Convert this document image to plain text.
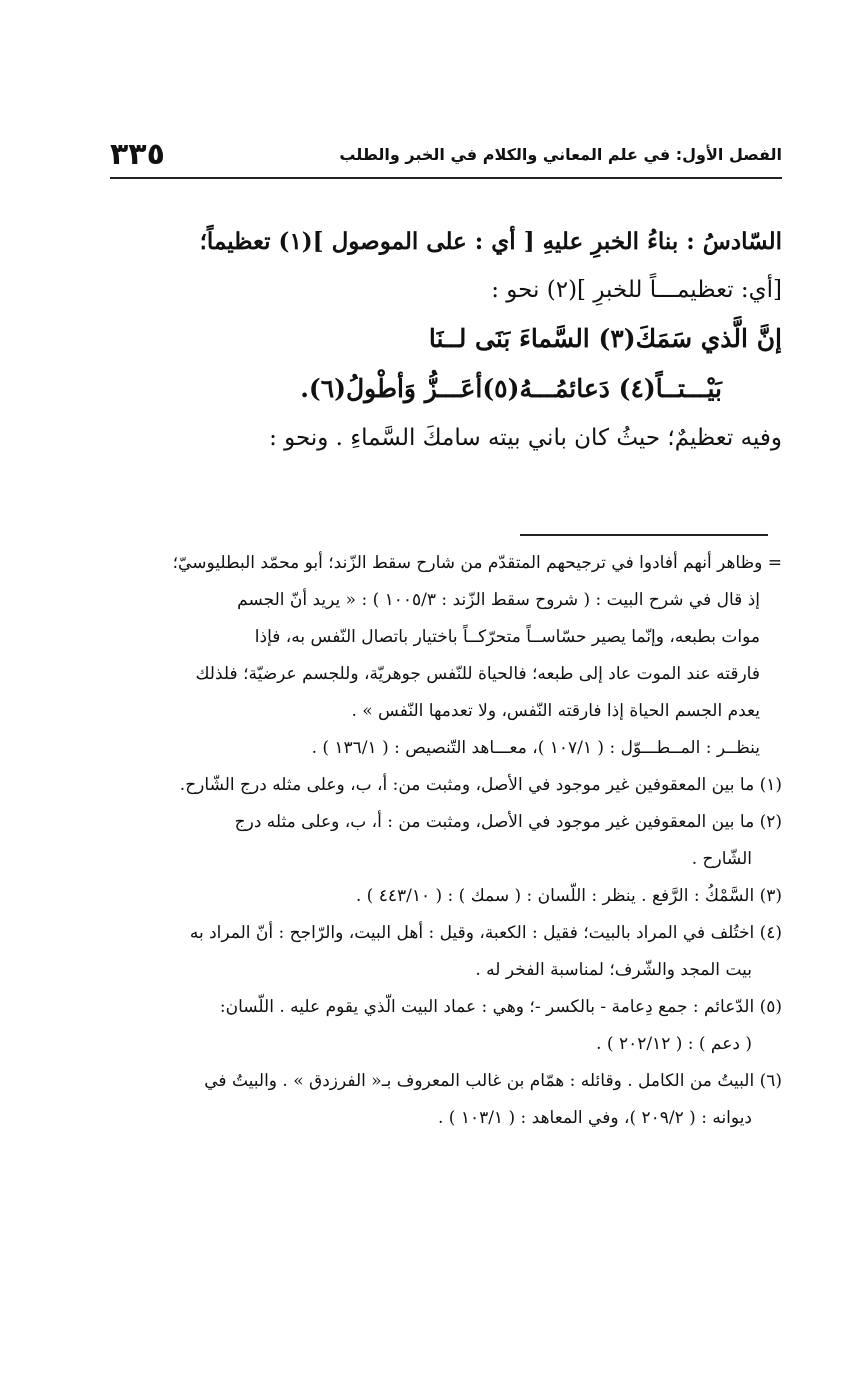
الفصل الأول: في علم المعاني والكلام في الخبر والطلب
٣٣٥
السّادسُ : بناءُ الخبرِ عليهِ [ أي : على الموصول ](١) تعظيماً؛
[أي: تعظيمـــاً للخبرِ ](٢) نحو :
إنَّ الَّذي سَمَكَ(٣) السَّماءَ بَنَى لــنَا
بَيْـــتــاً(٤) دَعائمُـــهُ(٥)أعَـــزُّ وَأطْولُ(٦).
وفيه تعظيمٌ؛ حيثُ كان باني بيته سامكَ السَّماءِ . ونحو :
= وظاهر أنهم أفادوا في ترجيحهم المتقدّم من شارح سقط الزّند؛ أبو محمّد البطليوسيّ؛
إذ قال في شرح البيت : ( شروح سقط الزّند : ١٠٠٥/٣ ) : « يريد أنّ الجسم
موات بطبعه، وإنّما يصير حسّاســاً متحرّكــاً باختيار باتصال النّفس به، فإذا
فارقته عند الموت عاد إلى طبعه؛ فالحياة للنّفس جوهريّة، وللجسم عرضيّة؛ فلذلك
يعدم الجسم الحياة إذا فارقته النّفس، ولا تعدمها النّفس » .
ينظــر : المــطـــوّل : ( ١٠٧/١ )، معـــاهد التّنصيص : ( ١٣٦/١ ) .
(١) ما بين المعقوفين غير موجود في الأصل، ومثبت من: أ، ب، وعلى مثله درج الشّارح.
(٢) ما بين المعقوفين غير موجود في الأصل، ومثبت من : أ، ب، وعلى مثله درج
الشّارح .
(٣) السَّمْكُ : الرَّفع . ينظر : اللّسان : ( سمك ) : ( ٤٤٣/١٠ ) .
(٤) اختُلف في المراد بالبيت؛ فقيل : الكعبة، وقيل : أهل البيت، والرّاجح : أنّ المراد به
بيت المجد والشّرف؛ لمناسبة الفخر له .
(٥) الدّعائم : جمع دِعامة - بالكسر -؛ وهي : عماد البيت الّذي يقوم عليه . اللّسان:
( دعم ) : ( ٢٠٢/١٢ ) .
(٦) البيتُ من الكامل . وقائله : همّام بن غالب المعروف بـ« الفرزدق » . والبيتُ في
ديوانه : ( ٢٠٩/٢ )، وفي المعاهد : ( ١٠٣/١ ) .
